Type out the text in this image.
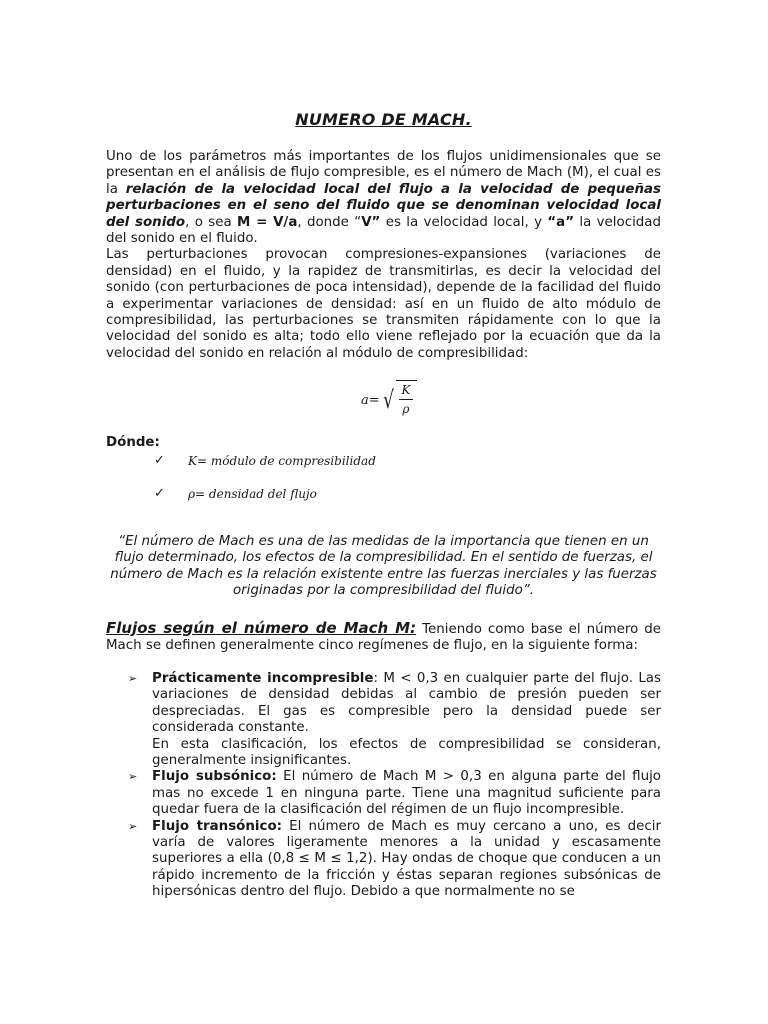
NUMERO DE MACH.

Uno de los parámetros más importantes de los flujos unidimensionales que se presentan en el análisis de flujo compresible, es el número de Mach (M), el cual es la relación de la velocidad local del flujo a la velocidad de pequeñas perturbaciones en el seno del fluido que se denominan velocidad local del sonido, o sea M = V/a, donde “V” es la velocidad local, y “a” la velocidad del sonido en el fluido.

Las perturbaciones provocan compresiones-expansiones (variaciones de densidad) en el fluido, y la rapidez de transmitirlas, es decir la velocidad del sonido (con perturbaciones de poca intensidad), depende de la facilidad del fluido a experimentar variaciones de densidad: así en un fluido de alto módulo de compresibilidad, las perturbaciones se transmiten rápidamente con lo que la velocidad del sonido es alta; todo ello viene reflejado por la ecuación que da la velocidad del sonido en relación al módulo de compresibilidad:

a= √ $\frac{K}{\rho}$
Dónde:
✓	K= módulo de compresibilidad
✓	ρ= densidad del flujo
“El número de Mach es una de las medidas de la importancia que tienen en un flujo determinado, los efectos de la compresibilidad. En el sentido de fuerzas, el número de Mach es la relación existente entre las fuerzas inerciales y las fuerzas originadas por la compresibilidad del fluido”.

Flujos según el número de Mach M: Teniendo como base el número de Mach se definen generalmente cinco regímenes de flujo, en la siguiente forma:

➢	Prácticamente incompresible: M < 0,3 en cualquier parte del flujo. Las variaciones de densidad debidas al cambio de presión pueden ser despreciadas. El gas es compresible pero la densidad puede ser considerada constante.

En esta clasificación, los efectos de compresibilidad se consideran, generalmente insignificantes.

➢	Flujo subsónico: El número de Mach M > 0,3 en alguna parte del flujo mas no excede 1 en ninguna parte. Tiene una magnitud suficiente para quedar fuera de la clasificación del régimen de un flujo incompresible.

➢	Flujo transónico: El número de Mach es muy cercano a uno, es decir varía de valores ligeramente menores a la unidad y escasamente superiores a ella (0,8 ≤ M ≤ 1,2). Hay ondas de choque que conducen a un rápido incremento de la fricción y éstas separan regiones subsónicas de hipersónicas dentro del flujo. Debido a que normalmente no se
